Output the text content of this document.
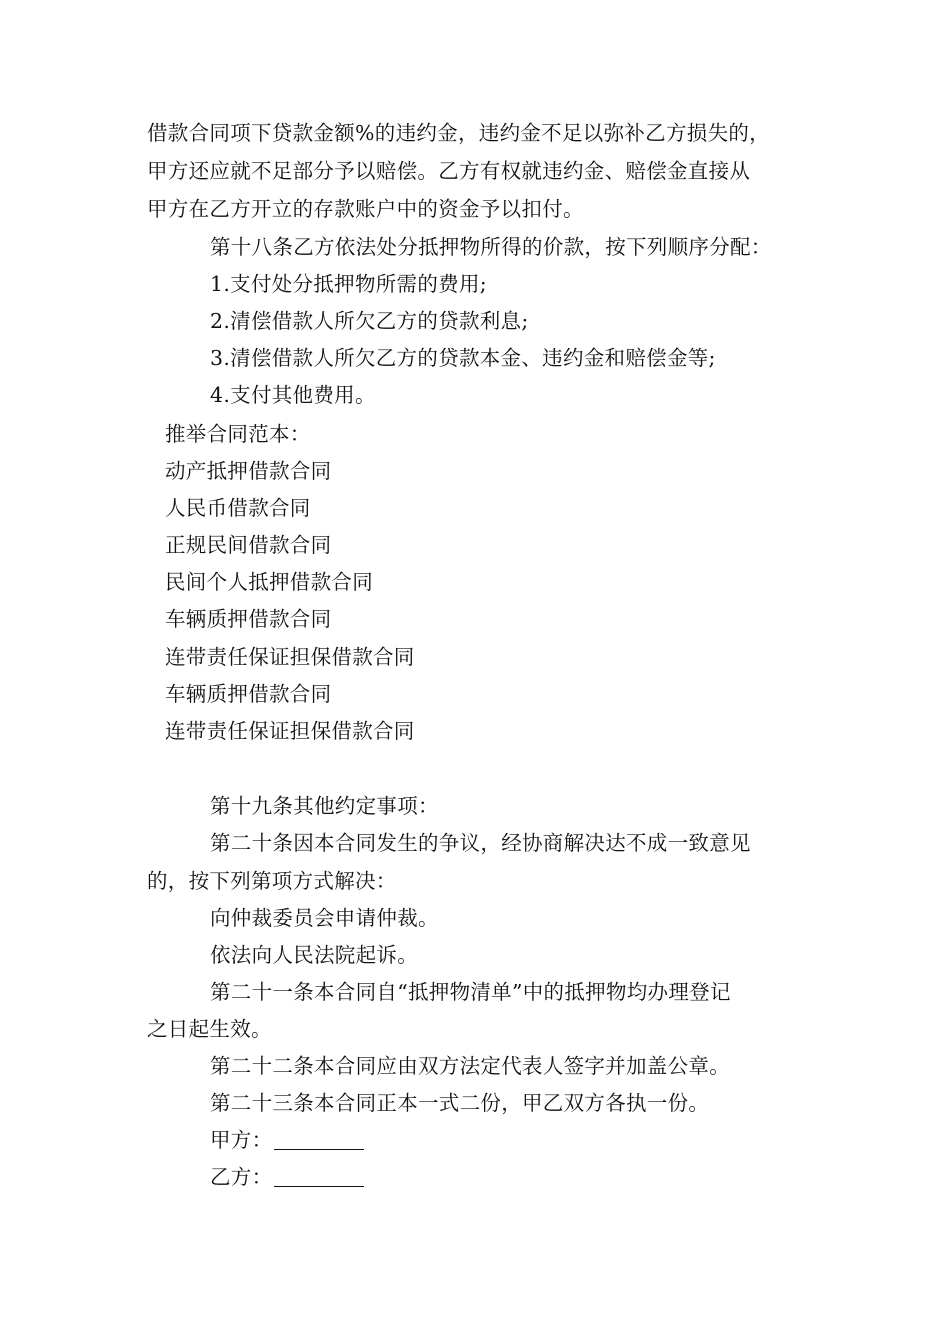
借款合同项下贷款金额%的违约金，违约金不足以弥补乙方损失的，
甲方还应就不足部分予以赔偿。乙方有权就违约金、赔偿金直接从
甲方在乙方开立的存款账户中的资金予以扣付。
第十八条乙方依法处分抵押物所得的价款，按下列顺序分配：
1.支付处分抵押物所需的费用;
2.清偿借款人所欠乙方的贷款利息;
3.清偿借款人所欠乙方的贷款本金、违约金和赔偿金等;
4.支付其他费用。
推举合同范本：
动产抵押借款合同
人民币借款合同
正规民间借款合同
民间个人抵押借款合同
车辆质押借款合同
连带责任保证担保借款合同
车辆质押借款合同
连带责任保证担保借款合同
第十九条其他约定事项：
第二十条因本合同发生的争议，经协商解决达不成一致意见
的，按下列第项方式解决：
向仲裁委员会申请仲裁。
依法向人民法院起诉。
第二十一条本合同自“抵押物清单”中的抵押物均办理登记
之日起生效。
第二十二条本合同应由双方法定代表人签字并加盖公章。
第二十三条本合同正本一式二份，甲乙双方各执一份。
甲方：
乙方：
